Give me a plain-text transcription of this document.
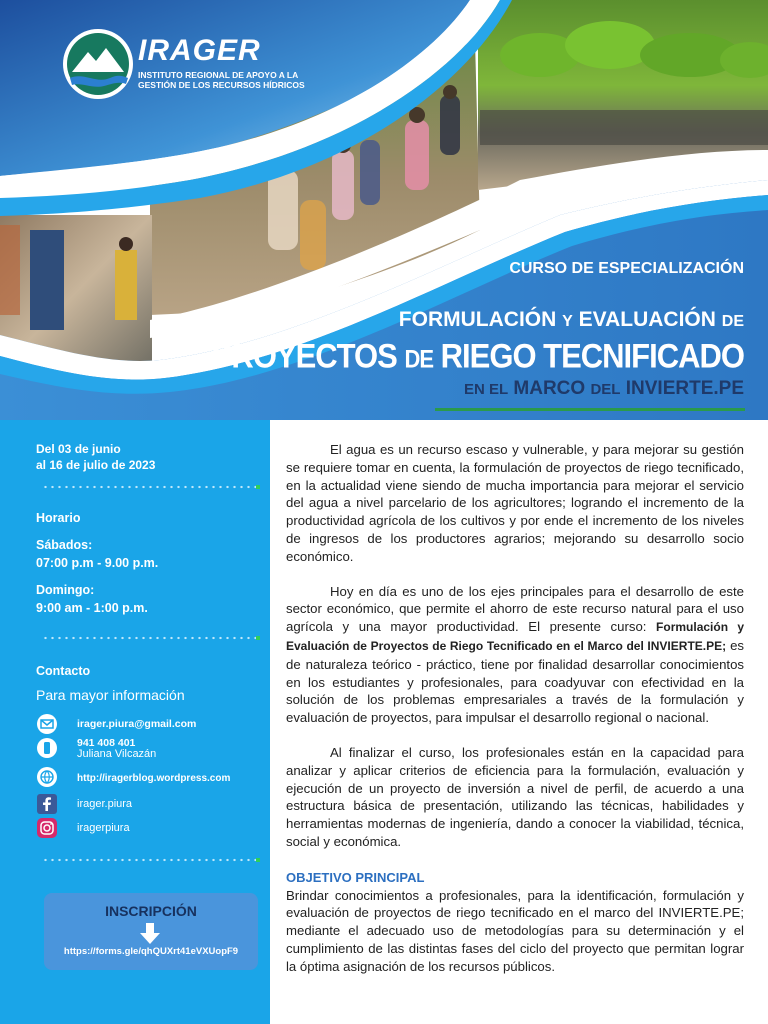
IRAGER
INSTITUTO REGIONAL DE APOYO A LA GESTIÓN DE LOS RECURSOS HÍDRICOS
CURSO DE ESPECIALIZACIÓN
FORMULACIÓN Y EVALUACIÓN DE
PROYECTOS DE RIEGO TECNIFICADO
EN EL MARCO DEL INVIERTE.PE
Del 03 de junio
al 16 de julio de 2023
Horario
Sábados:
07:00 p.m - 9.00 p.m.
Domingo:
9:00 am - 1:00 p.m.
Contacto
Para mayor información
irager.piura@gmail.com
941 408 401
Juliana Vilcazán
http://iragerblog.wordpress.com
irager.piura
iragerpiura
INSCRIPCIÓN
https://forms.gle/qhQUXrt41eVXUopF9

El agua es un recurso escaso y vulnerable, y para mejorar su gestión se requiere tomar en cuenta, la formulación de proyectos de riego tecnificado, en la actualidad viene siendo de mucha importancia para mejorar el servicio del agua a nivel parcelario de los agricultores; logrando el incremento de la productividad agrícola de los cultivos y por ende el incremento de los niveles de ingresos de los productores agrarios; mejorando su desarrollo socio económico.

Hoy en día es uno de los ejes principales para el desarrollo de este sector económico, que permite el ahorro de este recurso natural para el uso agrícola y una mayor productividad. El presente curso: Formulación y Evaluación de Proyectos de Riego Tecnificado en el Marco del INVIERTE.PE; es de naturaleza teórico - práctico, tiene por finalidad desarrollar conocimientos en los estudiantes y profesionales, para coadyuvar con efectividad en la solución de los problemas empresariales a través de la formulación y evaluación de proyectos, para impulsar el desarrollo regional o nacional.

Al finalizar el curso, los profesionales están en la capacidad para analizar y aplicar criterios de eficiencia para la formulación, evaluación y ejecución de un proyecto de inversión a nivel de perfil, de acuerdo a una estructura básica de presentación, utilizando las técnicas, habilidades y herramientas modernas de ingeniería, dando a conocer la viabilidad, técnica, social y económica.

OBJETIVO PRINCIPAL

Brindar conocimientos a profesionales, para la identificación, formulación y evaluación de proyectos de riego tecnificado en el marco del INVIERTE.PE; mediante el adecuado uso de metodologías para su determinación y el cumplimiento de las distintas fases del ciclo del proyecto que permitan lograr la óptima asignación de los recursos públicos.
